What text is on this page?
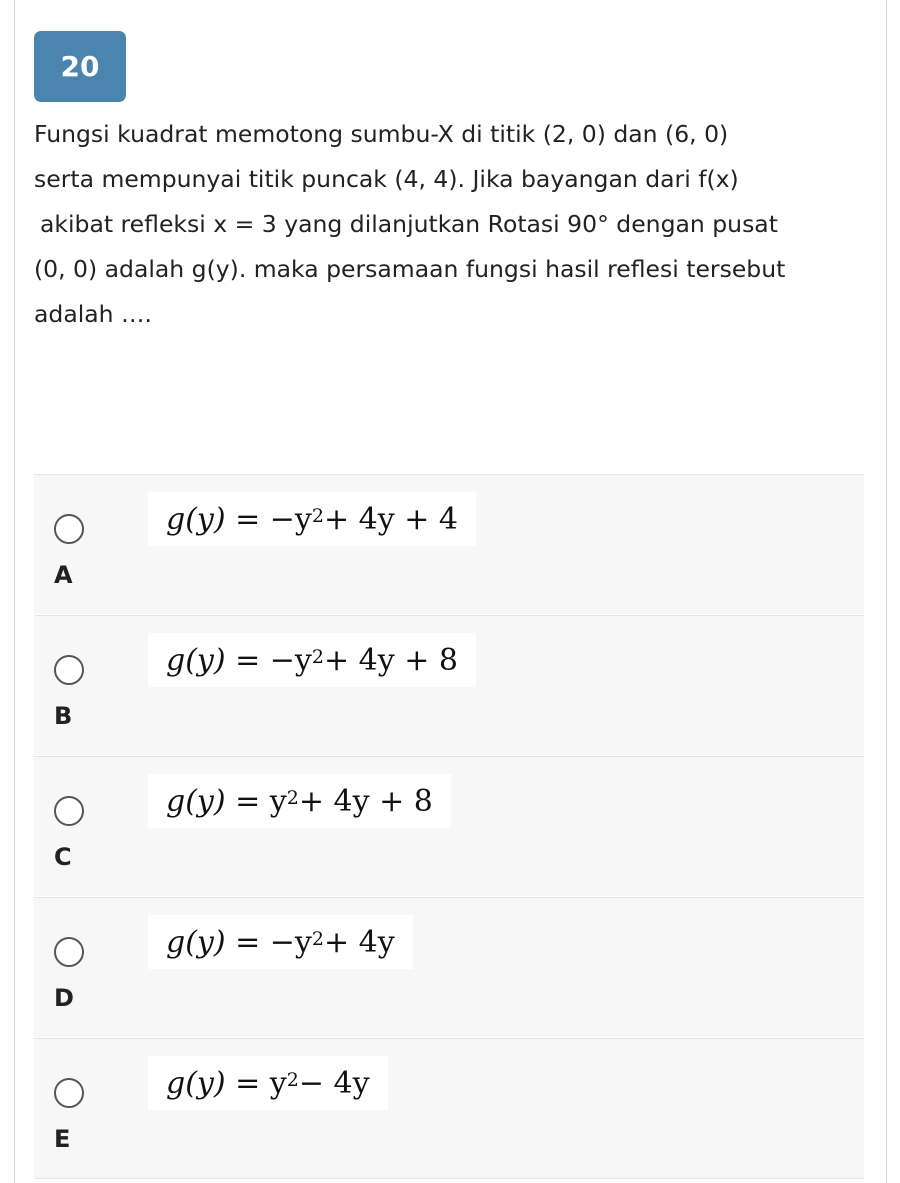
20

Fungsi kuadrat memotong sumbu-X di titik (2, 0) dan (6, 0)

serta mempunyai titik puncak (4, 4). Jika bayangan dari f(x)

akibat refleksi x = 3 yang dilanjutkan Rotasi 90° dengan pusat

(0, 0) adalah g(y). maka persamaan fungsi hasil reflesi tersebut

adalah ….

g(y)
= $-y^2 + 4y + 4$
A
g(y)
= $-y^2 + 4y + 8$
B
g(y)
= $y^2 + 4y + 8$
C
g(y)
= $-y^2 + 4y$
D
g(y)
= $y^2 - 4y$
E
